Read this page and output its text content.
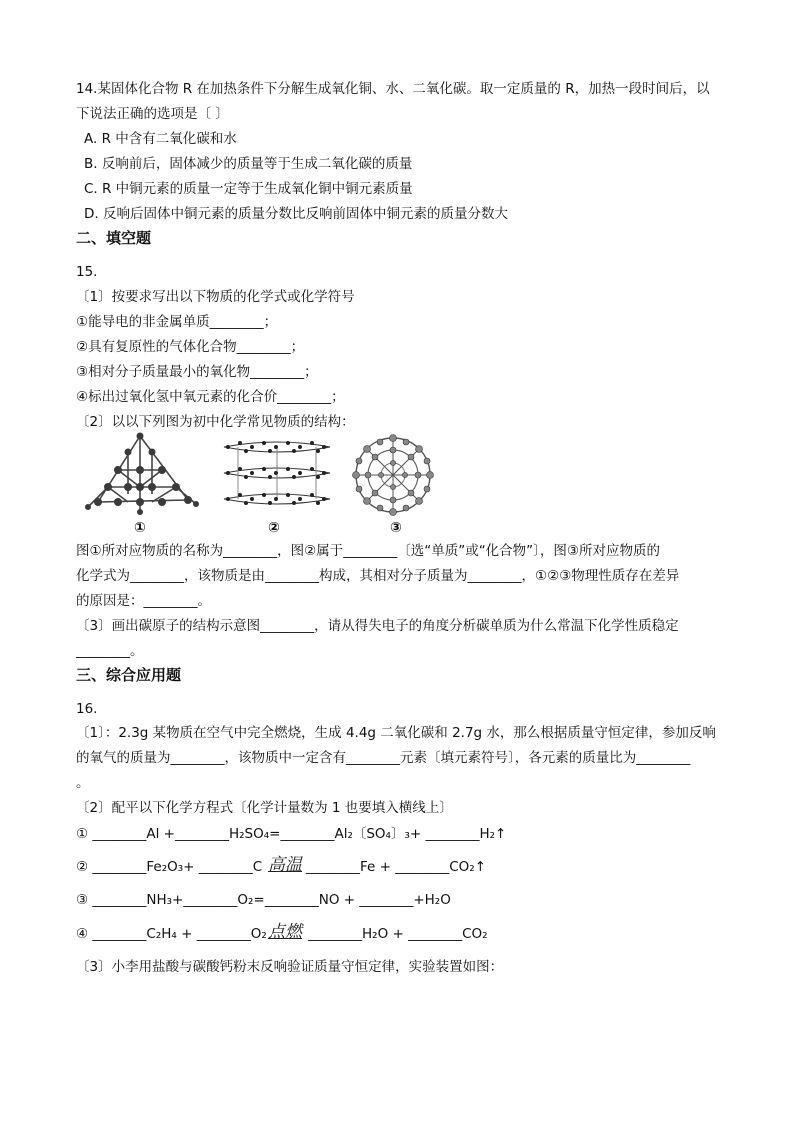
14.某固体化合物 R 在加热条件下分解生成氧化铜、水、二氧化碳。取一定质量的 R，加热一段时间后，以
下说法正确的选项是〔 〕
A. R 中含有二氧化碳和水
B. 反响前后，固体减少的质量等于生成二氧化碳的质量
C. R 中铜元素的质量一定等于生成氧化铜中铜元素质量
D. 反响后固体中铜元素的质量分数比反响前固体中铜元素的质量分数大
二、填空题
15.
〔1〕按要求写出以下物质的化学式或化学符号
①能导电的非金属单质________；
②具有复原性的气体化合物________；
③相对分子质量最小的氧化物________；
④标出过氧化氢中氧元素的化合价________；
〔2〕以以下列图为初中化学常见物质的结构：
①	②	③
图①所对应物质的名称为________，图②属于________〔选“单质”或“化合物”〕，图③所对应物质的
化学式为________，该物质是由________构成，其相对分子质量为________，①②③物理性质存在差异
的原因是：________。
〔3〕画出碳原子的结构示意图________，请从得失电子的角度分析碳单质为什么常温下化学性质稳定
________。
三、综合应用题
16.
〔1〕：2.3g 某物质在空气中完全燃烧，生成 4.4g 二氧化碳和 2.7g 水，那么根据质量守恒定律，参加反响
的氧气的质量为________，该物质中一定含有________元素〔填元素符号〕，各元素的质量比为________
。
〔2〕配平以下化学方程式〔化学计量数为 1 也要填入横线上〕
① ________Al +________H₂SO₄=________Al₂〔SO₄〕₃+ ________H₂↑
② ________Fe₂O₃+ ________C 高温 ________Fe + ________CO₂↑
③ ________NH₃+________O₂=________NO + ________+H₂O
④ ________C₂H₄ + ________O₂ 点燃 ________H₂O + ________CO₂
〔3〕小李用盐酸与碳酸钙粉末反响验证质量守恒定律，实验装置如图：
